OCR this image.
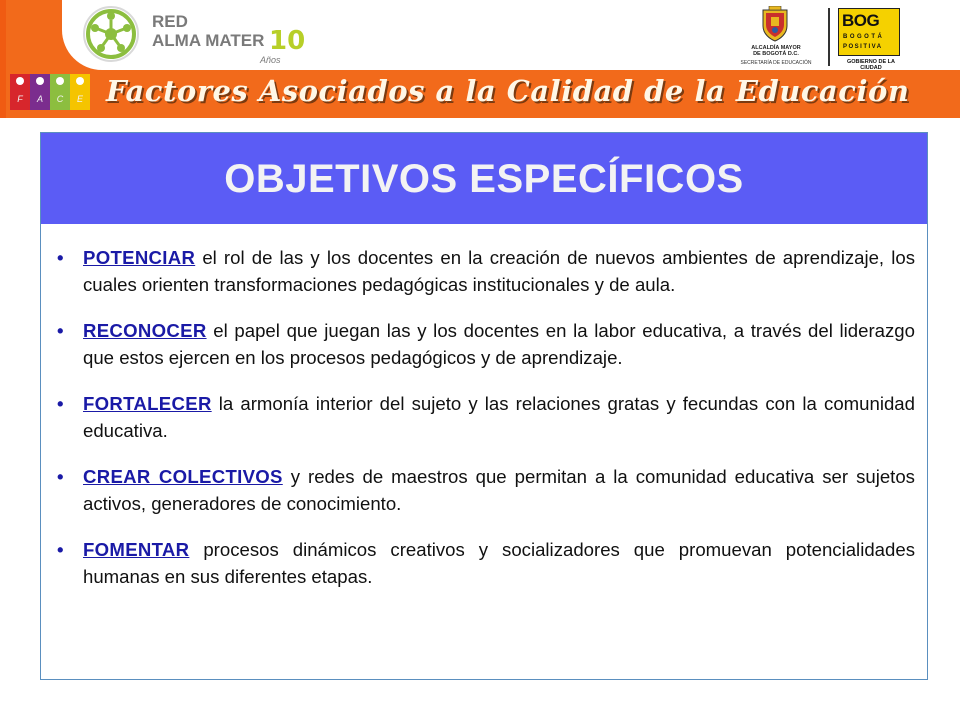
RED
ALMA MATER 10
Años
ALCALDÍA MAYOR
DE BOGOTÁ D.C.
SECRETARÍA DE EDUCACIÓN
BOG
BOGOTÁ
POSITIVA
GOBIERNO DE LA CIUDAD
F	A	C	E Factores Asociados a la Calidad de la Educación
OBJETIVOS ESPECÍFICOS
• POTENCIAR el rol de las y los docentes en la creación de nuevos ambientes de aprendizaje, los cuales orienten transformaciones pedagógicas institucionales y de aula.
• RECONOCER el papel que juegan las y los docentes en la labor educativa, a través del liderazgo que estos ejercen en los procesos pedagógicos y de aprendizaje.
• FORTALECER la armonía interior del sujeto y las relaciones gratas y fecundas con la comunidad educativa.
• CREAR COLECTIVOS y redes de maestros que permitan a la comunidad educativa ser sujetos activos, generadores de conocimiento.
• FOMENTAR procesos dinámicos creativos y socializadores que promuevan potencialidades humanas en sus diferentes etapas.
